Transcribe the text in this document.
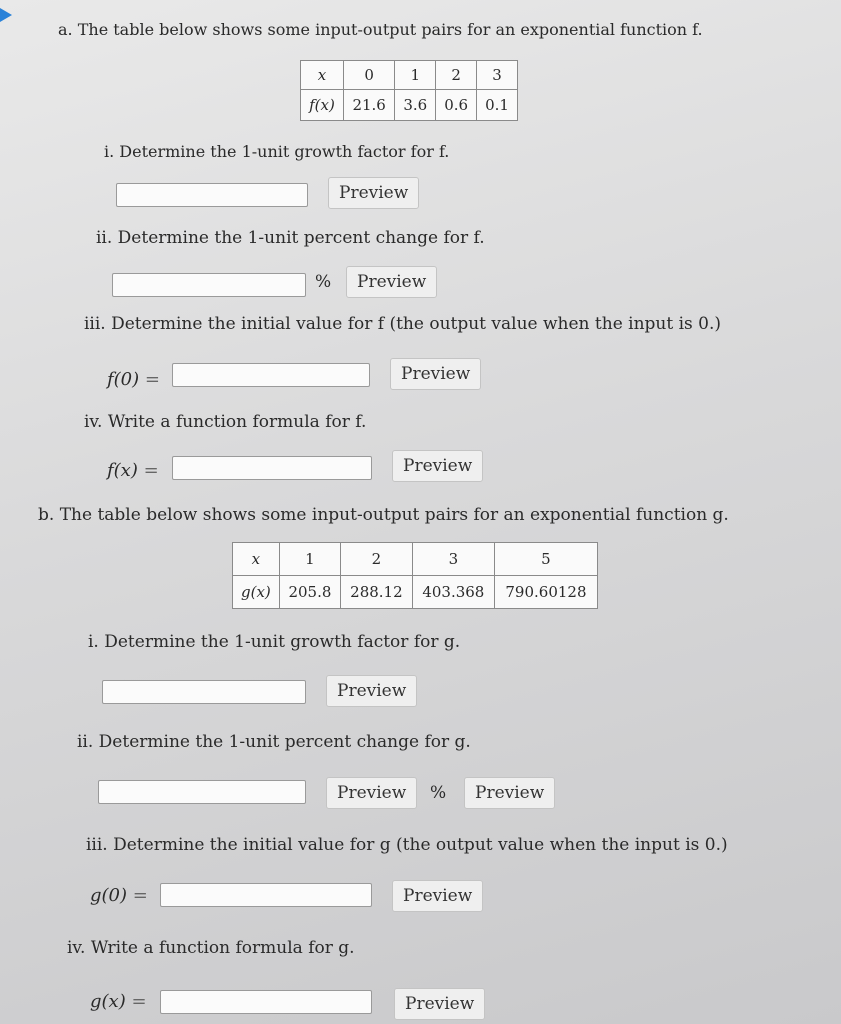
a. The table below shows some input-output pairs for an exponential function f.
x	0	1	2	3
f(x)	21.6	3.6	0.6	0.1
i. Determine the 1-unit growth factor for f.
Preview
ii. Determine the 1-unit percent change for f.
%	Preview
iii. Determine the initial value for f (the output value when the input is 0.)
f(0) =	Preview
iv. Write a function formula for f.
f(x) =	Preview
b. The table below shows some input-output pairs for an exponential function g.
x	1	2	3	5
g(x)	205.8	288.12	403.368	790.60128
i. Determine the 1-unit growth factor for g.
Preview
ii. Determine the 1-unit percent change for g.
Preview	%	Preview
iii. Determine the initial value for g (the output value when the input is 0.)
g(0) =	Preview
iv. Write a function formula for g.
g(x) =	Preview
